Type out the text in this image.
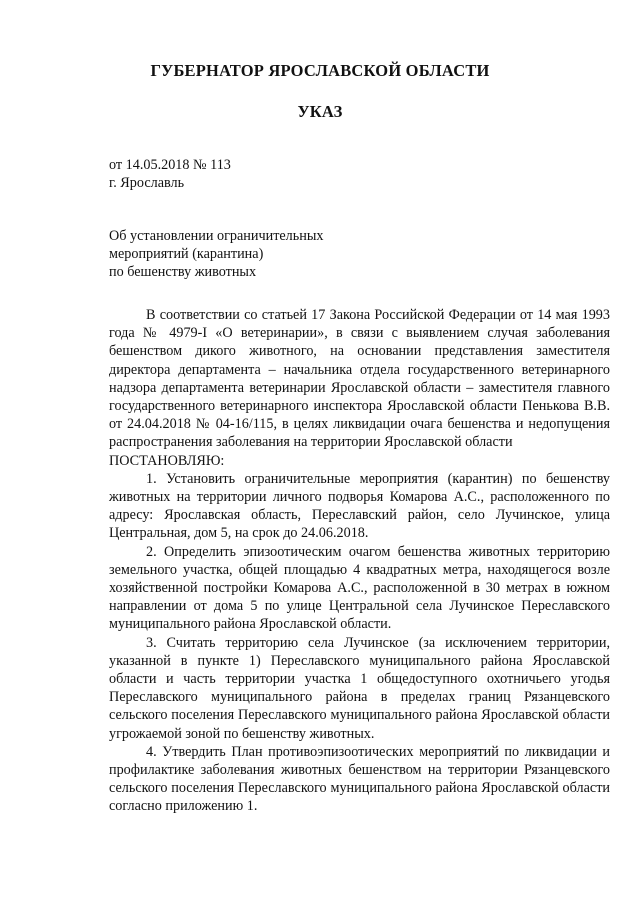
ГУБЕРНАТОР ЯРОСЛАВСКОЙ ОБЛАСТИ
УКАЗ
от 14.05.2018 № 113
г. Ярославль
Об установлении ограничительных
мероприятий (карантина)
по бешенству животных

В соответствии со статьей 17 Закона Российской Федерации от 14 мая 1993 года № 4979-I «О ветеринарии», в связи с выявлением случая заболевания бешенством дикого животного, на основании представления заместителя директора департамента – начальника отдела государственного ветеринарного надзора департамента ветеринарии Ярославской области – заместителя главного государственного ветеринарного инспектора Ярославской области Пенькова В.В. от 24.04.2018 № 04-16/115, в целях ликвидации очага бешенства и недопущения распространения заболевания на территории Ярославской области

ПОСТАНОВЛЯЮ:

1. Установить ограничительные мероприятия (карантин) по бешенству животных на территории личного подворья Комарова А.С., расположенного по адресу: Ярославская область, Переславский район, село Лучинское, улица Центральная, дом 5, на срок до 24.06.2018.

2. Определить эпизоотическим очагом бешенства животных территорию земельного участка, общей площадью 4 квадратных метра, находящегося возле хозяйственной постройки Комарова А.С., расположенной в 30 метрах в южном направлении от дома 5 по улице Центральной села Лучинское Переславского муниципального района Ярославской области.

3. Считать территорию села Лучинское (за исключением территории, указанной в пункте 1) Переславского муниципального района Ярославской области и часть территории участка 1 общедоступного охотничьего угодья Переславского муниципального района в пределах границ Рязанцевского сельского поселения Переславского муниципального района Ярославской области угрожаемой зоной по бешенству животных.

4. Утвердить План противоэпизоотических мероприятий по ликвидации и профилактике заболевания животных бешенством на территории Рязанцевского сельского поселения Переславского муниципального района Ярославской области согласно приложению 1.
